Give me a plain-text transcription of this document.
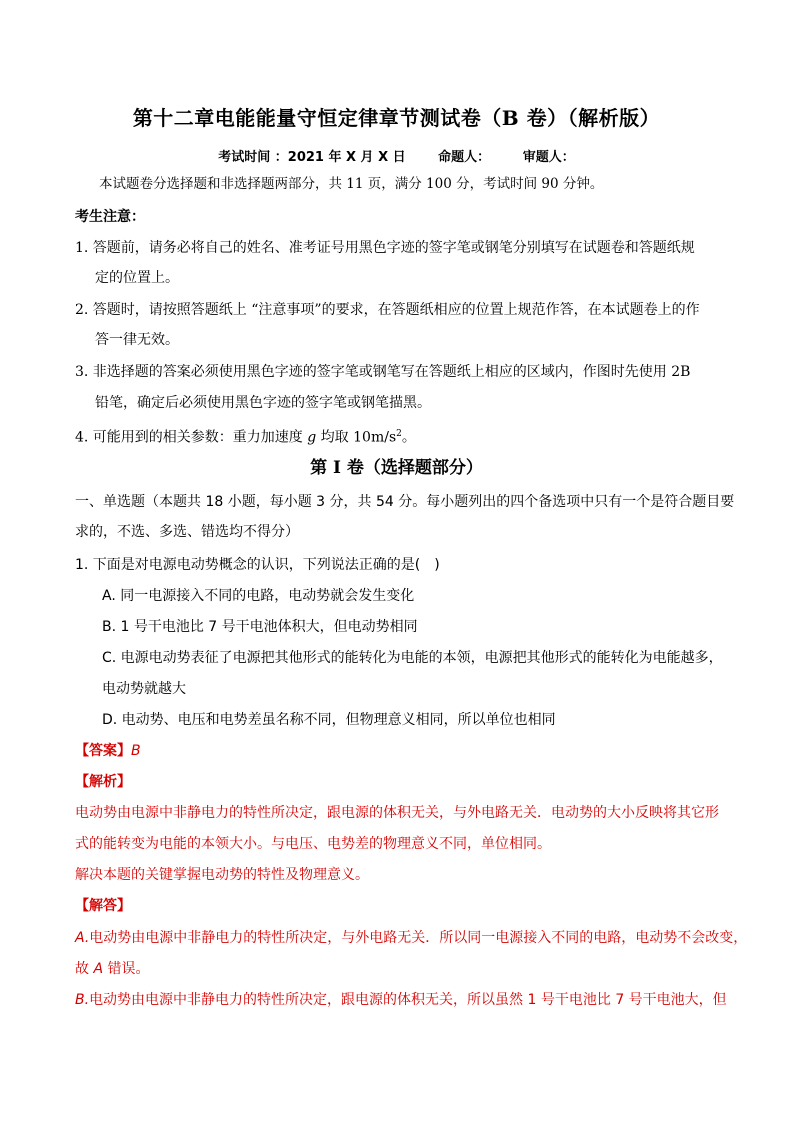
第十二章电能能量守恒定律章节测试卷（B 卷）（解析版）
考试时间 ：2021 年 X 月 X 日	命题人：	审题人：
本试题卷分选择题和非选择题两部分，共 11 页，满分 100 分，考试时间 90 分钟。
考生注意：
1. 答题前，请务必将自己的姓名、准考证号用黑色字迹的签字笔或钢笔分别填写在试题卷和答题纸规
定的位置上。
2. 答题时，请按照答题纸上 “注意事项”的要求，在答题纸相应的位置上规范作答，在本试题卷上的作
答一律无效。
3. 非选择题的答案必须使用黑色字迹的签字笔或钢笔写在答题纸上相应的区域内，作图时先使用 2B
铅笔，确定后必须使用黑色字迹的签字笔或钢笔描黑。
4. 可能用到的相关参数：重力加速度 g 均取 $10m/s^2$。
第 I 卷（选择题部分）
一、单选题（本题共 18 小题，每小题 3 分，共 54 分。每小题列出的四个备选项中只有一个是符合题目要
求的，不选、多选、错选均不得分）
1. 下面是对电源电动势概念的认识，下列说法正确的是(　)
A. 同一电源接入不同的电路，电动势就会发生变化
B. 1 号干电池比 7 号干电池体积大，但电动势相同
C. 电源电动势表征了电源把其他形式的能转化为电能的本领，电源把其他形式的能转化为电能越多，
电动势就越大
D. 电动势、电压和电势差虽名称不同，但物理意义相同，所以单位也相同
【答案】B
【解析】
电动势由电源中非静电力的特性所决定，跟电源的体积无关，与外电路无关．电动势的大小反映将其它形
式的能转变为电能的本领大小。与电压、电势差的物理意义不同，单位相同。
解决本题的关键掌握电动势的特性及物理意义。
【解答】
A.电动势由电源中非静电力的特性所决定，与外电路无关．所以同一电源接入不同的电路，电动势不会改变，
故 A 错误。
B.电动势由电源中非静电力的特性所决定，跟电源的体积无关，所以虽然 1 号干电池比 7 号干电池大，但
